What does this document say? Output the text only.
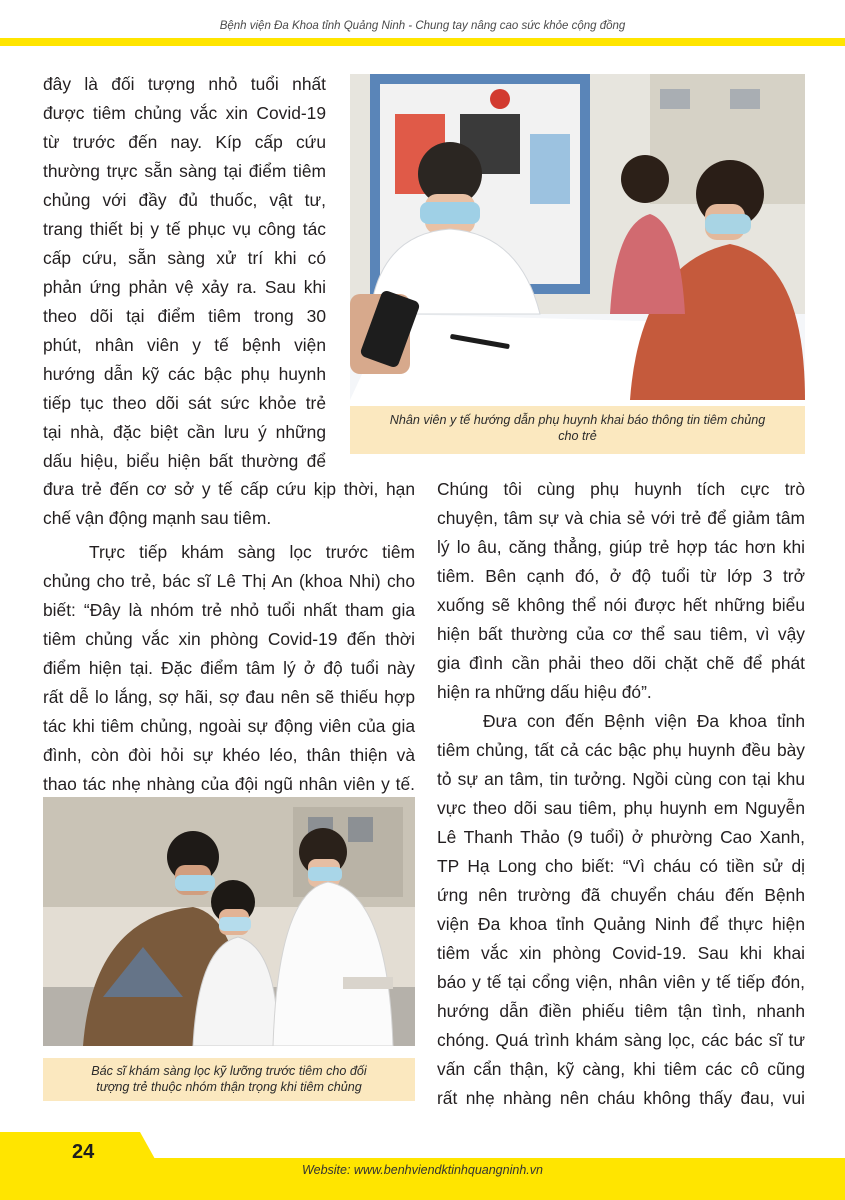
Bệnh viện Đa Khoa tỉnh Quảng Ninh - Chung tay nâng cao sức khỏe cộng đồng
đây là đối tượng nhỏ tuổi nhất
được tiêm chủng vắc xin Covid-19
từ trước đến nay. Kíp cấp cứu
thường trực sẵn sàng tại điểm tiêm
chủng với đầy đủ thuốc, vật tư,
trang thiết bị y tế phục vụ công tác
cấp cứu, sẵn sàng xử trí khi có
phản ứng phản vệ xảy ra. Sau khi
theo dõi tại điểm tiêm trong 30
phút, nhân viên y tế bệnh viện
hướng dẫn kỹ các bậc phụ huynh
tiếp tục theo dõi sát sức khỏe trẻ
tại nhà, đặc biệt cần lưu ý những
dấu hiệu, biểu hiện bất thường để
Nhân viên y tế hướng dẫn phụ huynh khai báo thông tin tiêm chủng
cho trẻ
đưa trẻ đến cơ sở y tế cấp cứu kịp thời, hạn
chế vận động mạnh sau tiêm.
Trực tiếp khám sàng lọc trước tiêm
chủng cho trẻ, bác sĩ Lê Thị An (khoa Nhi) cho
biết: “Đây là nhóm trẻ nhỏ tuổi nhất tham gia
tiêm chủng vắc xin phòng Covid-19 đến thời
điểm hiện tại. Đặc điểm tâm lý ở độ tuổi này
rất dễ lo lắng, sợ hãi, sợ đau nên sẽ thiếu hợp
tác khi tiêm chủng, ngoài sự động viên của gia
đình, còn đòi hỏi sự khéo léo, thân thiện và
thao tác nhẹ nhàng của đội ngũ nhân viên y tế.
Bác sĩ khám sàng lọc kỹ lưỡng trước tiêm cho đối
tượng trẻ thuộc nhóm thận trọng khi tiêm chủng
Chúng tôi cùng phụ huynh tích cực trò
chuyện, tâm sự và chia sẻ với trẻ để giảm tâm
lý lo âu, căng thẳng, giúp trẻ hợp tác hơn khi
tiêm. Bên cạnh đó, ở độ tuổi từ lớp 3 trở
xuống sẽ không thể nói được hết những biểu
hiện bất thường của cơ thể sau tiêm, vì vậy
gia đình cần phải theo dõi chặt chẽ để phát
hiện ra những dấu hiệu đó”.
Đưa con đến Bệnh viện Đa khoa tỉnh
tiêm chủng, tất cả các bậc phụ huynh đều bày
tỏ sự an tâm, tin tưởng. Ngồi cùng con tại khu
vực theo dõi sau tiêm, phụ huynh em Nguyễn
Lê Thanh Thảo (9 tuổi) ở phường Cao Xanh,
TP Hạ Long cho biết: “Vì cháu có tiền sử dị
ứng nên trường đã chuyển cháu đến Bệnh
viện Đa khoa tỉnh Quảng Ninh để thực hiện
tiêm vắc xin phòng Covid-19. Sau khi khai
báo y tế tại cổng viện, nhân viên y tế tiếp đón,
hướng dẫn điền phiếu tiêm tận tình, nhanh
chóng. Quá trình khám sàng lọc, các bác sĩ tư
vấn cẩn thận, kỹ càng, khi tiêm các cô cũng
rất nhẹ nhàng nên cháu không thấy đau, vui
24
Website: www.benhviendktinhquangninh.vn
